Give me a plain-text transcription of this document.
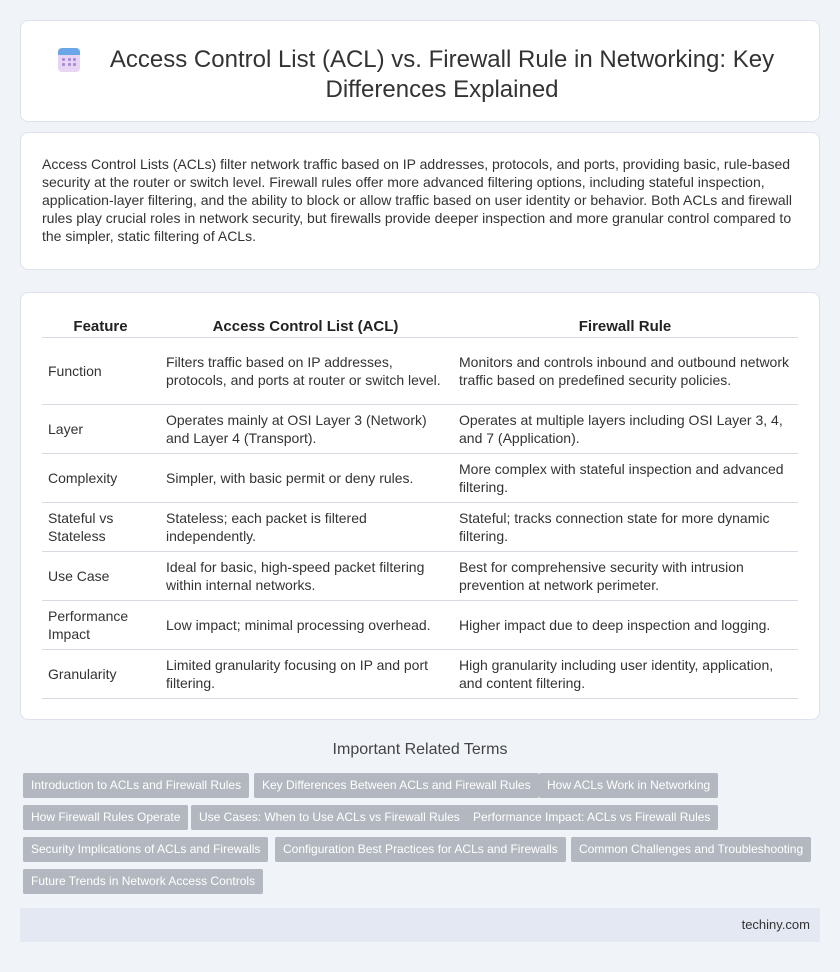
Access Control List (ACL) vs. Firewall Rule in Networking: Key Differences Explained

Access Control Lists (ACLs) filter network traffic based on IP addresses, protocols, and ports, providing basic, rule-based security at the router or switch level. Firewall rules offer more advanced filtering options, including stateful inspection, application-layer filtering, and the ability to block or allow traffic based on user identity or behavior. Both ACLs and firewall rules play crucial roles in network security, but firewalls provide deeper inspection and more granular control compared to the simpler, static filtering of ACLs.

Feature	Access Control List (ACL)	Firewall Rule
Function	Filters traffic based on IP addresses, protocols, and ports at router or switch level.	Monitors and controls inbound and outbound network traffic based on predefined security policies.
Layer	Operates mainly at OSI Layer 3 (Network) and Layer 4 (Transport).	Operates at multiple layers including OSI Layer 3, 4, and 7 (Application).
Complexity	Simpler, with basic permit or deny rules.	More complex with stateful inspection and advanced filtering.
Stateful vs Stateless	Stateless; each packet is filtered independently.	Stateful; tracks connection state for more dynamic filtering.
Use Case	Ideal for basic, high-speed packet filtering within internal networks.	Best for comprehensive security with intrusion prevention at network perimeter.
Performance Impact	Low impact; minimal processing overhead.	Higher impact due to deep inspection and logging.
Granularity	Limited granularity focusing on IP and port filtering.	High granularity including user identity, application, and content filtering.
Important Related Terms
Introduction to ACLs and Firewall Rules	Key Differences Between ACLs and Firewall Rules	How ACLs Work in Networking
How Firewall Rules Operate	Use Cases: When to Use ACLs vs Firewall Rules	Performance Impact: ACLs vs Firewall Rules
Security Implications of ACLs and Firewalls	Configuration Best Practices for ACLs and Firewalls	Common Challenges and Troubleshooting
Future Trends in Network Access Controls
techiny.com
